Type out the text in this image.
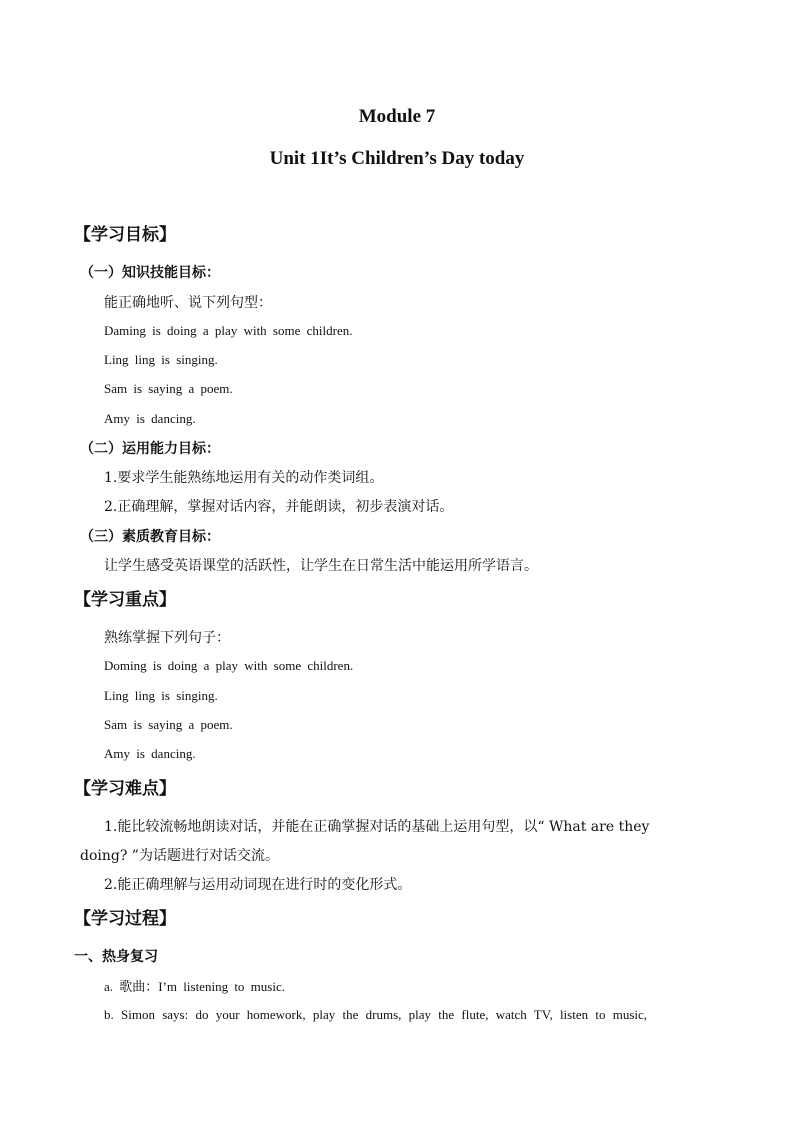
Module 7
Unit 1It’s Children’s Day today
【学习目标】
（一）知识技能目标：
能正确地听、说下列句型：
Daming is doing a play with some children.
Ling ling is singing.
Sam is saying a poem.
Amy is dancing.
（二）运用能力目标：
1.要求学生能熟练地运用有关的动作类词组。
2.正确理解，掌握对话内容，并能朗读，初步表演对话。
（三）素质教育目标：
让学生感受英语课堂的活跃性，让学生在日常生活中能运用所学语言。
【学习重点】
熟练掌握下列句子：
Doming is doing a play with some children.
Ling ling is singing.
Sam is saying a poem.
Amy is dancing.
【学习难点】
1.能比较流畅地朗读对话，并能在正确掌握对话的基础上运用句型，以“ What are they
doing? ”为话题进行对话交流。
2.能正确理解与运用动词现在进行时的变化形式。
【学习过程】
一、热身复习
a. 歌曲：I’m listening to music.
b. Simon says: do your homework, play the drums, play the flute, watch TV, listen to music,
